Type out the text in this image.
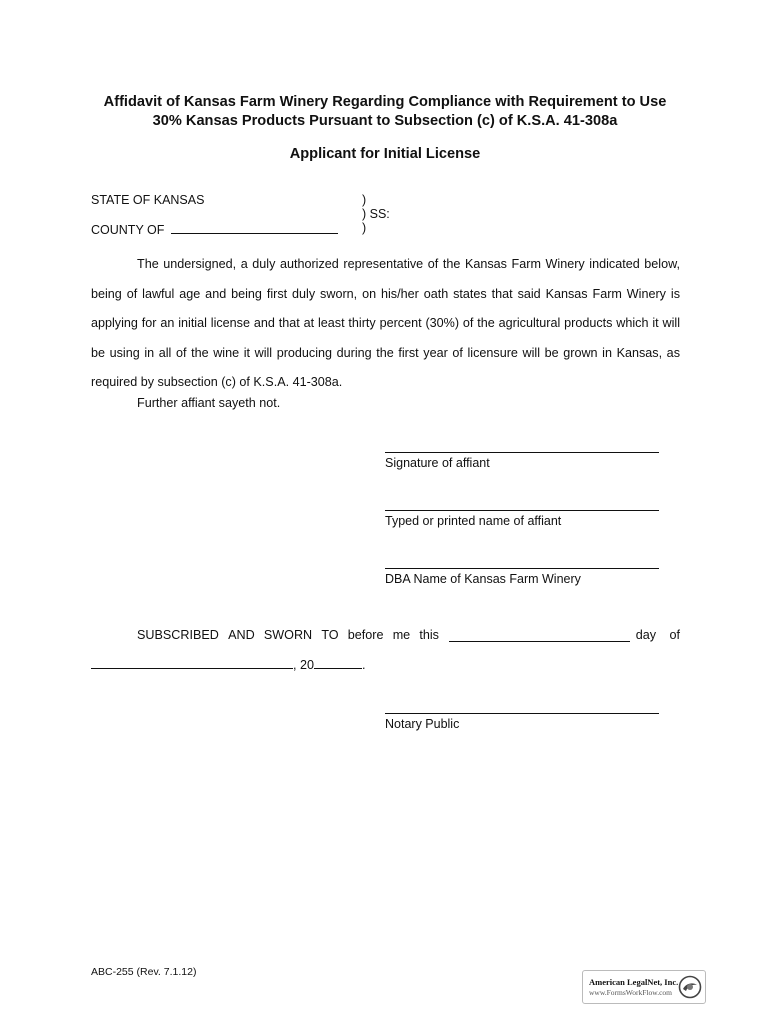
Affidavit of Kansas Farm Winery Regarding Compliance with Requirement to Use
30% Kansas Products Pursuant to Subsection (c) of K.S.A. 41-308a
Applicant for Initial License
STATE OF KANSAS
COUNTY OF
)
) SS:
)

The undersigned, a duly authorized representative of the Kansas Farm Winery indicated below, being of lawful age and being first duly sworn, on his/her oath states that said Kansas Farm Winery is applying for an initial license and that at least thirty percent (30%) of the agricultural products which it will be using in all of the wine it will producing during the first year of licensure will be grown in Kansas, as required by subsection (c) of K.S.A. 41-308a.

Further affiant sayeth not.
Signature of affiant
Typed or printed name of affiant
DBA Name of Kansas Farm Winery
SUBSCRIBED AND SWORN TO before me this	day of
, 20	.
Notary Public
ABC-255 (Rev. 7.1.12)
American LegalNet, Inc.
www.FormsWorkFlow.com
